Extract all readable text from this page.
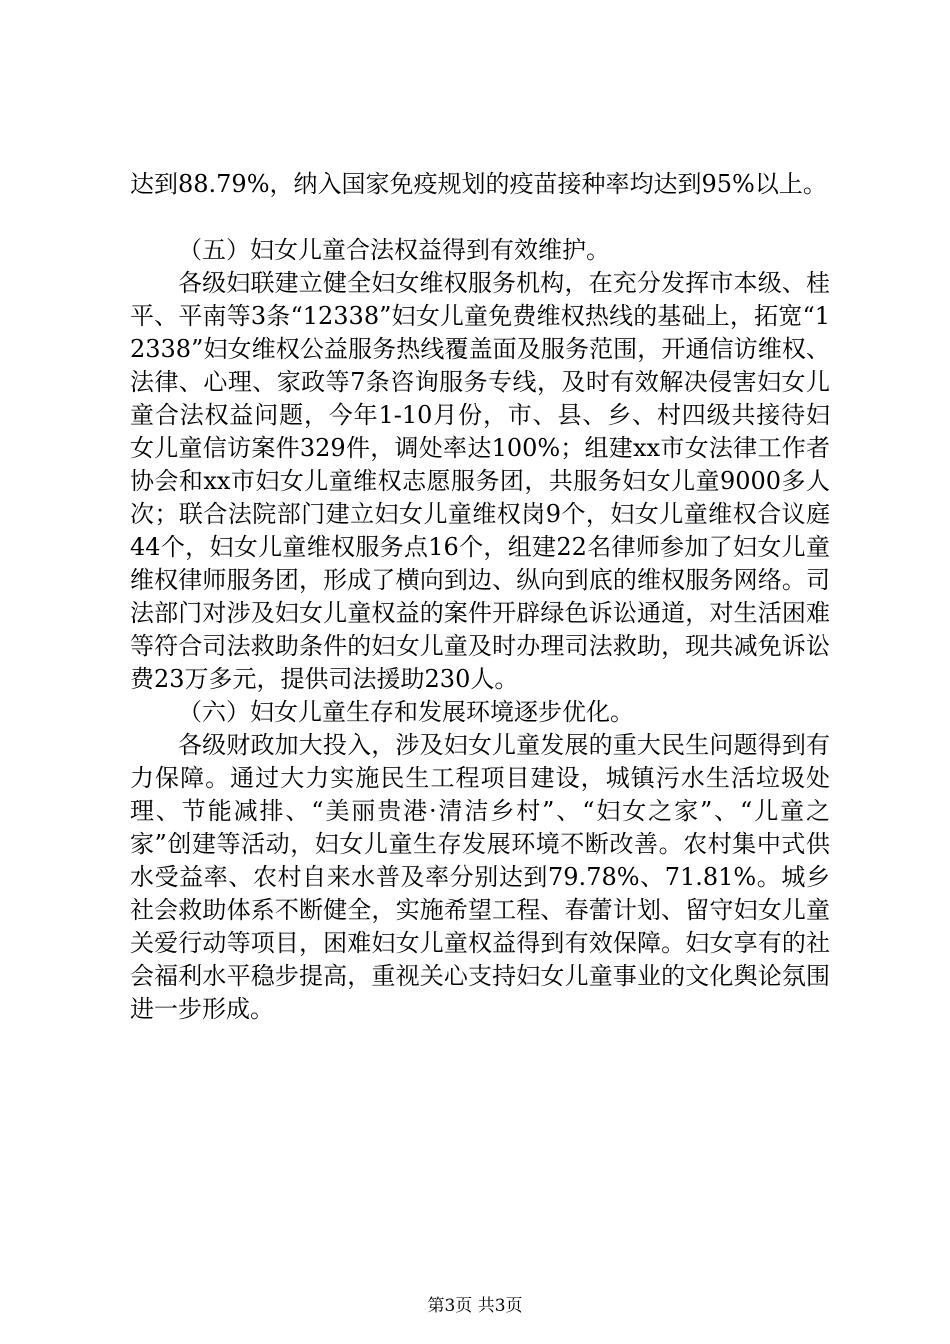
达到88.79%，纳入国家免疫规划的疫苗接种率均达到95%以上。

（五）妇女儿童合法权益得到有效维护。

各级妇联建立健全妇女维权服务机构，在充分发挥市本级、桂平、平南等3条“12338”妇女儿童免费维权热线的基础上，拓宽“12338”妇女维权公益服务热线覆盖面及服务范围，开通信访维权、法律、心理、家政等7条咨询服务专线，及时有效解决侵害妇女儿童合法权益问题，今年1-10月份，市、县、乡、村四级共接待妇女儿童信访案件329件，调处率达100%；组建xx市女法律工作者协会和xx市妇女儿童维权志愿服务团，共服务妇女儿童9000多人次；联合法院部门建立妇女儿童维权岗9个，妇女儿童维权合议庭44个，妇女儿童维权服务点16个，组建22名律师参加了妇女儿童维权律师服务团，形成了横向到边、纵向到底的维权服务网络。司法部门对涉及妇女儿童权益的案件开辟绿色诉讼通道，对生活困难等符合司法救助条件的妇女儿童及时办理司法救助，现共减免诉讼费23万多元，提供司法援助230人。

（六）妇女儿童生存和发展环境逐步优化。

各级财政加大投入，涉及妇女儿童发展的重大民生问题得到有力保障。通过大力实施民生工程项目建设，城镇污水生活垃圾处理、节能减排、“美丽贵港·清洁乡村”、“妇女之家”、“儿童之家”创建等活动，妇女儿童生存发展环境不断改善。农村集中式供水受益率、农村自来水普及率分别达到79.78%、71.81%。城乡社会救助体系不断健全，实施希望工程、春蕾计划、留守妇女儿童关爱行动等项目，困难妇女儿童权益得到有效保障。妇女享有的社会福利水平稳步提高，重视关心支持妇女儿童事业的文化舆论氛围进一步形成。

第3页 共3页
